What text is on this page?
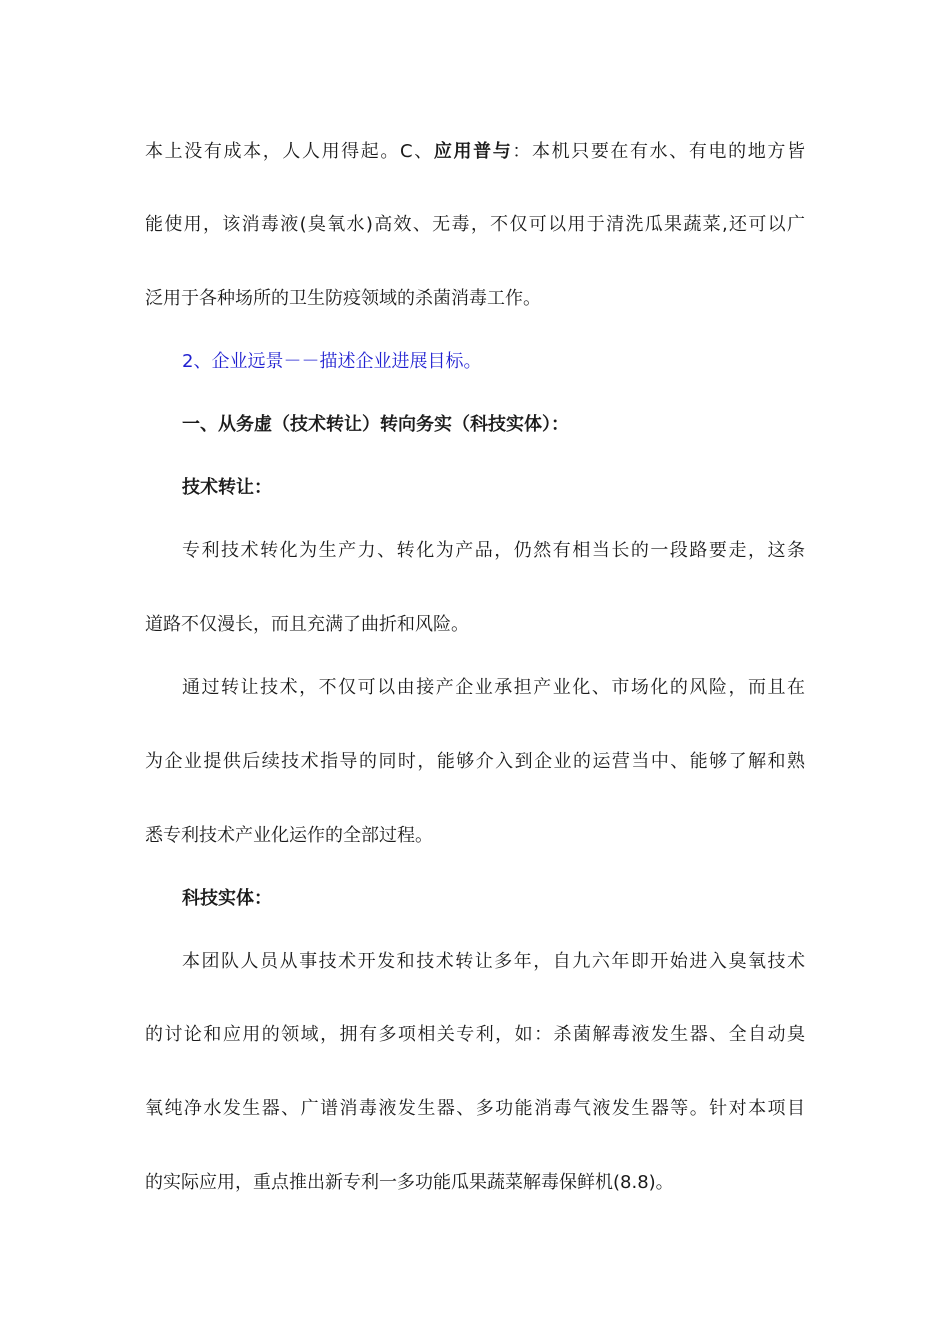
本上没有成本，人人用得起。C、应用普与：本机只要在有水、有电的地方皆
能使用，该消毒液(臭氧水)高效、无毒，不仅可以用于清洗瓜果蔬菜,还可以广
泛用于各种场所的卫生防疫领域的杀菌消毒工作。
2、企业远景－－描述企业进展目标。
一、从务虚（技术转让）转向务实（科技实体）：
技术转让：
专利技术转化为生产力、转化为产品，仍然有相当长的一段路要走，这条
道路不仅漫长，而且充满了曲折和风险。
通过转让技术，不仅可以由接产企业承担产业化、市场化的风险，而且在
为企业提供后续技术指导的同时，能够介入到企业的运营当中、能够了解和熟
悉专利技术产业化运作的全部过程。
科技实体：
本团队人员从事技术开发和技术转让多年，自九六年即开始进入臭氧技术
的讨论和应用的领域，拥有多项相关专利，如：杀菌解毒液发生器、全自动臭
氧纯净水发生器、广谱消毒液发生器、多功能消毒气液发生器等。针对本项目
的实际应用，重点推出新专利一多功能瓜果蔬菜解毒保鲜机(8.8)。
